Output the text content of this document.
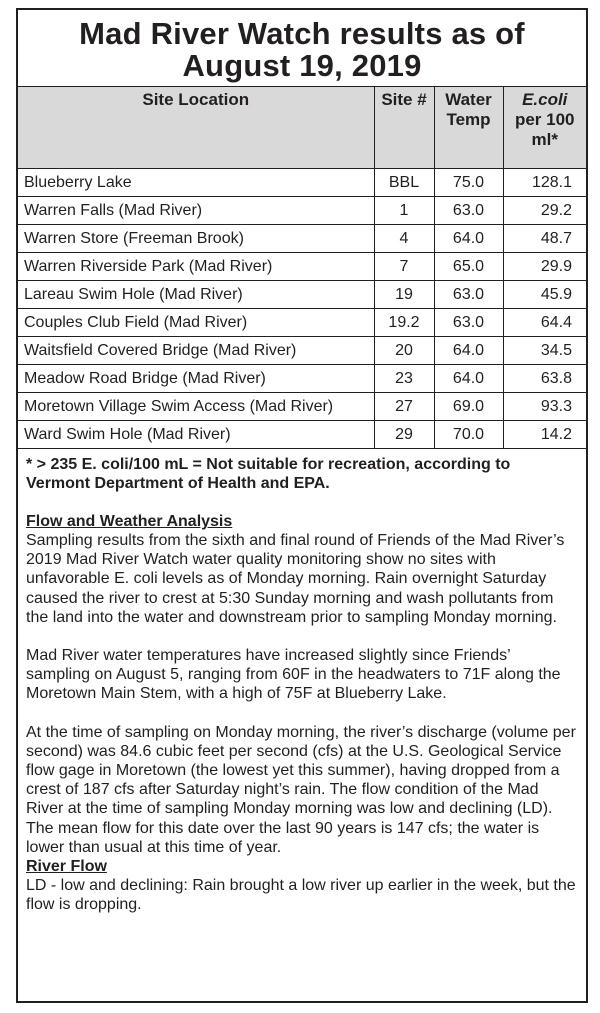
Mad River Watch results as of
August 19, 2019
Site Location	Site #	Water Temp	E.coli per 100 ml*
Blueberry Lake	BBL	75.0	128.1
Warren Falls (Mad River)	1	63.0	29.2
Warren Store (Freeman Brook)	4	64.0	48.7
Warren Riverside Park (Mad River)	7	65.0	29.9
Lareau Swim Hole (Mad River)	19	63.0	45.9
Couples Club Field (Mad River)	19.2	63.0	64.4
Waitsfield Covered Bridge (Mad River)	20	64.0	34.5
Meadow Road Bridge (Mad River)	23	64.0	63.8
Moretown Village Swim Access (Mad River)	27	69.0	93.3
Ward Swim Hole (Mad River)	29	70.0	14.2

* > 235 E. coli/100 mL = Not suitable for recreation, according to Vermont Department of Health and EPA.

Flow and Weather Analysis

Sampling results from the sixth and final round of Friends of the Mad River’s 2019 Mad River Watch water quality monitoring show no sites with unfavorable E. coli levels as of Monday morning. Rain overnight Saturday caused the river to crest at 5:30 Sunday morning and wash pollutants from the land into the water and downstream prior to sampling Monday morning.

Mad River water temperatures have increased slightly since Friends’ sampling on August 5, ranging from 60F in the headwaters to 71F along the Moretown Main Stem, with a high of 75F at Blueberry Lake.

At the time of sampling on Monday morning, the river’s discharge (volume per second) was 84.6 cubic feet per second (cfs) at the U.S. Geological Service flow gage in Moretown (the lowest yet this summer), having dropped from a crest of 187 cfs after Saturday night’s rain. The flow condition of the Mad River at the time of sampling Monday morning was low and declining (LD). The mean flow for this date over the last 90 years is 147 cfs; the water is lower than usual at this time of year.

River Flow

LD - low and declining: Rain brought a low river up earlier in the week, but the flow is dropping.
